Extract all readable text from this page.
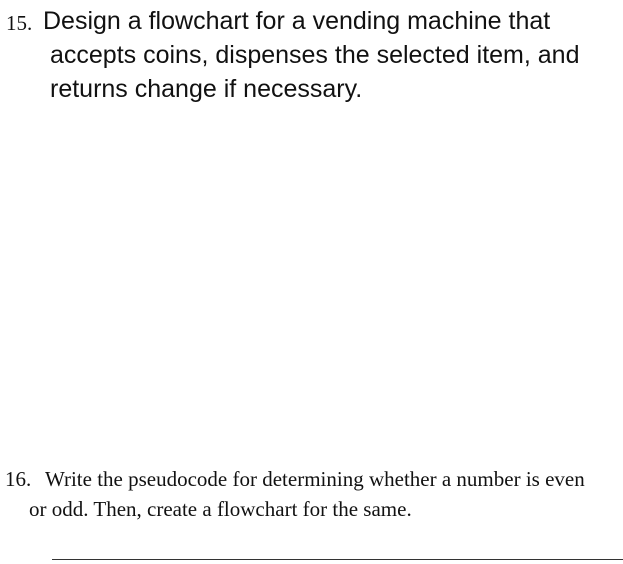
15. Design a flowchart for a vending machine that accepts coins, dispenses the selected item, and returns change if necessary.

16. Write the pseudocode for determining whether a number is even or odd. Then, create a flowchart for the same.
